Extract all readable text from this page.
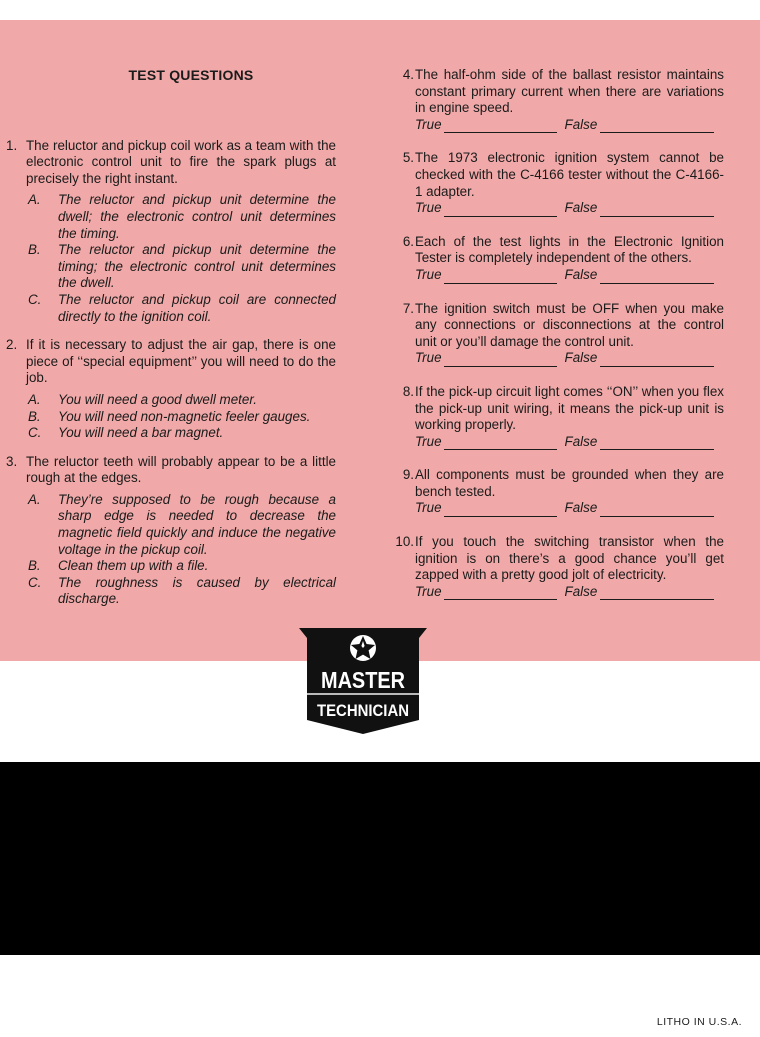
TEST QUESTIONS
1. The reluctor and pickup coil work as a team with the electronic control unit to fire the spark plugs at precisely the right instant.
A.	The reluctor and pickup unit determine the dwell; the electronic control unit determines the timing.
B.	The reluctor and pickup unit determine the timing; the electronic control unit determines the dwell.
C.	The reluctor and pickup coil are connected directly to the ignition coil.
2. If it is necessary to adjust the air gap, there is one piece of ‘‘special equipment’’ you will need to do the job.
A.	You will need a good dwell meter.
B.	You will need non-magnetic feeler gauges.
C.	You will need a bar magnet.
3. The reluctor teeth will probably appear to be a little rough at the edges.
A.	They’re supposed to be rough because a sharp edge is needed to decrease the magnetic field quickly and induce the negative voltage in the pickup coil.
B.	Clean them up with a file.
C.	The roughness is caused by electrical discharge.
4. The half-ohm side of the ballast resistor maintains constant primary current when there are variations in engine speed.
True	False
5. The 1973 electronic ignition system cannot be checked with the C-4166 tester without the C-4166-1 adapter.
True	False
6. Each of the test lights in the Electronic Ignition Tester is completely independent of the others.
True	False
7. The ignition switch must be OFF when you make any connections or disconnections at the control unit or you’ll damage the control unit.
True	False
8. If the pick-up circuit light comes ‘‘ON’’ when you flex the pick-up unit wiring, it means the pick-up unit is working properly.
True	False
9. All components must be grounded when they are bench tested.
True	False
10. If you touch the switching transistor when the ignition is on there’s a good chance you’ll get zapped with a pretty good jolt of electricity.
True	False
MASTER
TECHNICIAN
LITHO IN U.S.A.
